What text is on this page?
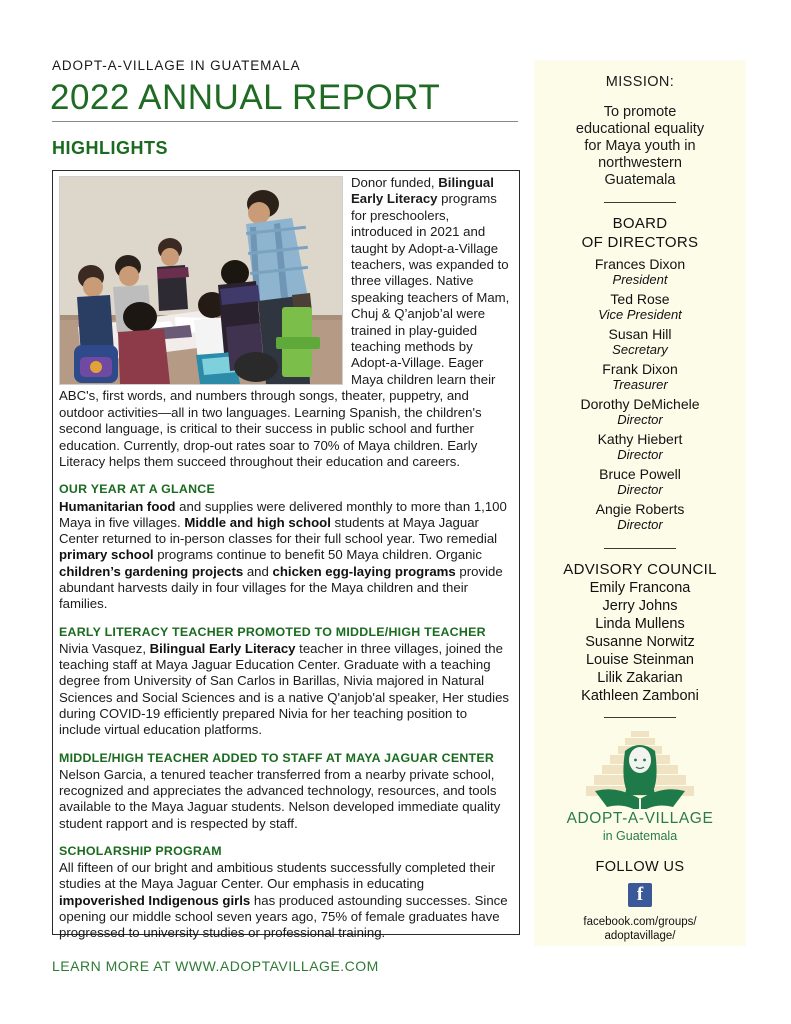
ADOPT-A-VILLAGE IN GUATEMALA
2022 ANNUAL REPORT
HIGHLIGHTS
Donor funded, Bilingual Early Literacy programs for preschoolers, introduced in 2021 and taught by Adopt-a-Village teachers, was expanded to three villages. Native speaking teachers of Mam, Chuj & Q’anjob’al were trained in play-guided teaching methods by Adopt-a-Village. Eager Maya children learn their ABC's, first words, and numbers through songs, theater, puppetry, and outdoor activities—all in two languages. Learning Spanish, the children's second language, is critical to their success in public school and further education. Currently, drop-out rates soar to 70% of Maya children. Early Literacy helps them succeed throughout their education and careers.
OUR YEAR AT A GLANCE
Humanitarian food and supplies were delivered monthly to more than 1,100 Maya in five villages. Middle and high school students at Maya Jaguar Center returned to in-person classes for their full school year. Two remedial primary school programs continue to benefit 50 Maya children. Organic children’s gardening projects and chicken egg-laying programs provide abundant harvests daily in four villages for the Maya children and their families.
EARLY LITERACY TEACHER PROMOTED TO MIDDLE/HIGH TEACHER
Nivia Vasquez, Bilingual Early Literacy teacher in three villages, joined the teaching staff at Maya Jaguar Education Center. Graduate with a teaching degree from University of San Carlos in Barillas, Nivia majored in Natural Sciences and Social Sciences and is a native Q'anjob'al speaker, Her studies during COVID-19 efficiently prepared Nivia for her teaching position to include virtual education platforms.
MIDDLE/HIGH TEACHER ADDED TO STAFF AT MAYA JAGUAR CENTER
Nelson Garcia, a tenured teacher transferred from a nearby private school, recognized and appreciates the advanced technology, resources, and tools available to the Maya Jaguar students. Nelson developed immediate quality student rapport and is respected by staff.
SCHOLARSHIP PROGRAM
All fifteen of our bright and ambitious students successfully completed their studies at the Maya Jaguar Center. Our emphasis in educating impoverished Indigenous girls has produced astounding successes. Since opening our middle school seven years ago, 75% of female graduates have progressed to university studies or professional training.
MISSION:
To promote
educational equality
for Maya youth in
northwestern
Guatemala
BOARD
OF DIRECTORS
Frances Dixon
President
Ted Rose
Vice President
Susan Hill
Secretary
Frank Dixon
Treasurer
Dorothy DeMichele
Director
Kathy Hiebert
Director
Bruce Powell
Director
Angie Roberts
Director
ADVISORY COUNCIL
Emily Francona
Jerry Johns
Linda Mullens
Susanne Norwitz
Louise Steinman
Lilik Zakarian
Kathleen Zamboni
ADOPT-A-VILLAGE
in Guatemala
FOLLOW US
f
facebook.com/groups/
adoptavillage/
LEARN MORE AT WWW.ADOPTAVILLAGE.COM
